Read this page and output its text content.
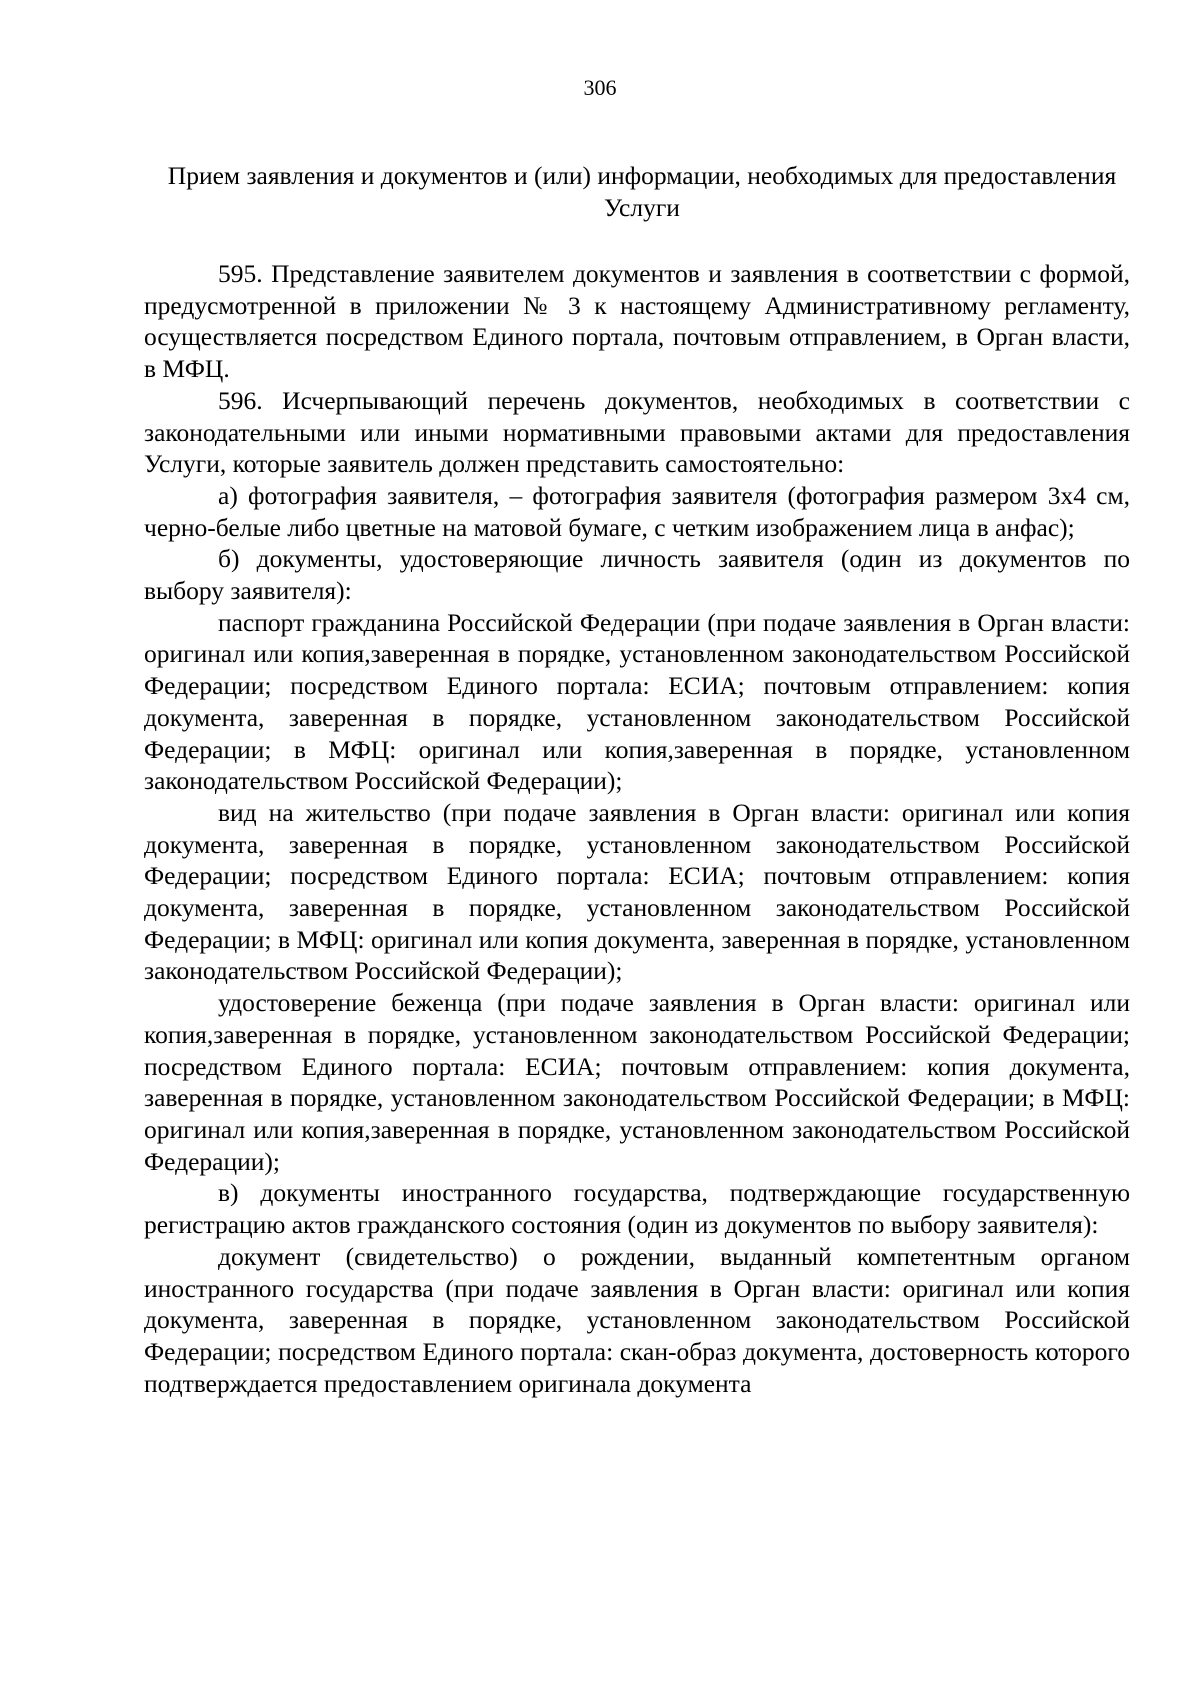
306
Прием заявления и документов и (или) информации, необходимых для предоставления Услуги

595. Представление заявителем документов и заявления в соответствии с формой, предусмотренной в приложении № 3 к настоящему Административному регламенту, осуществляется посредством Единого портала, почтовым отправлением, в Орган власти, в МФЦ.

596. Исчерпывающий перечень документов, необходимых в соответствии с законодательными или иными нормативными правовыми актами для предоставления Услуги, которые заявитель должен представить самостоятельно:

а) фотография заявителя, – фотография заявителя (фотография размером 3х4 см, черно-белые либо цветные на матовой бумаге, с четким изображением лица в анфас);

б) документы, удостоверяющие личность заявителя (один из документов по выбору заявителя):

паспорт гражданина Российской Федерации (при подаче заявления в Орган власти: оригинал или копия,заверенная в порядке, установленном законодательством Российской Федерации; посредством Единого портала: ЕСИА; почтовым отправлением: копия документа, заверенная в порядке, установленном законодательством Российской Федерации; в МФЦ: оригинал или копия,заверенная в порядке, установленном законодательством Российской Федерации);

вид на жительство (при подаче заявления в Орган власти: оригинал или копия документа, заверенная в порядке, установленном законодательством Российской Федерации; посредством Единого портала: ЕСИА; почтовым отправлением: копия документа, заверенная в порядке, установленном законодательством Российской Федерации; в МФЦ: оригинал или копия документа, заверенная в порядке, установленном законодательством Российской Федерации);

удостоверение беженца (при подаче заявления в Орган власти: оригинал или копия,заверенная в порядке, установленном законодательством Российской Федерации; посредством Единого портала: ЕСИА; почтовым отправлением: копия документа, заверенная в порядке, установленном законодательством Российской Федерации; в МФЦ: оригинал или копия,заверенная в порядке, установленном законодательством Российской Федерации);

в) документы иностранного государства, подтверждающие государственную регистрацию актов гражданского состояния (один из документов по выбору заявителя):

документ (свидетельство) о рождении, выданный компетентным органом иностранного государства (при подаче заявления в Орган власти: оригинал или копия документа, заверенная в порядке, установленном законодательством Российской Федерации; посредством Единого портала: скан-образ документа, достоверность которого подтверждается предоставлением оригинала документа
